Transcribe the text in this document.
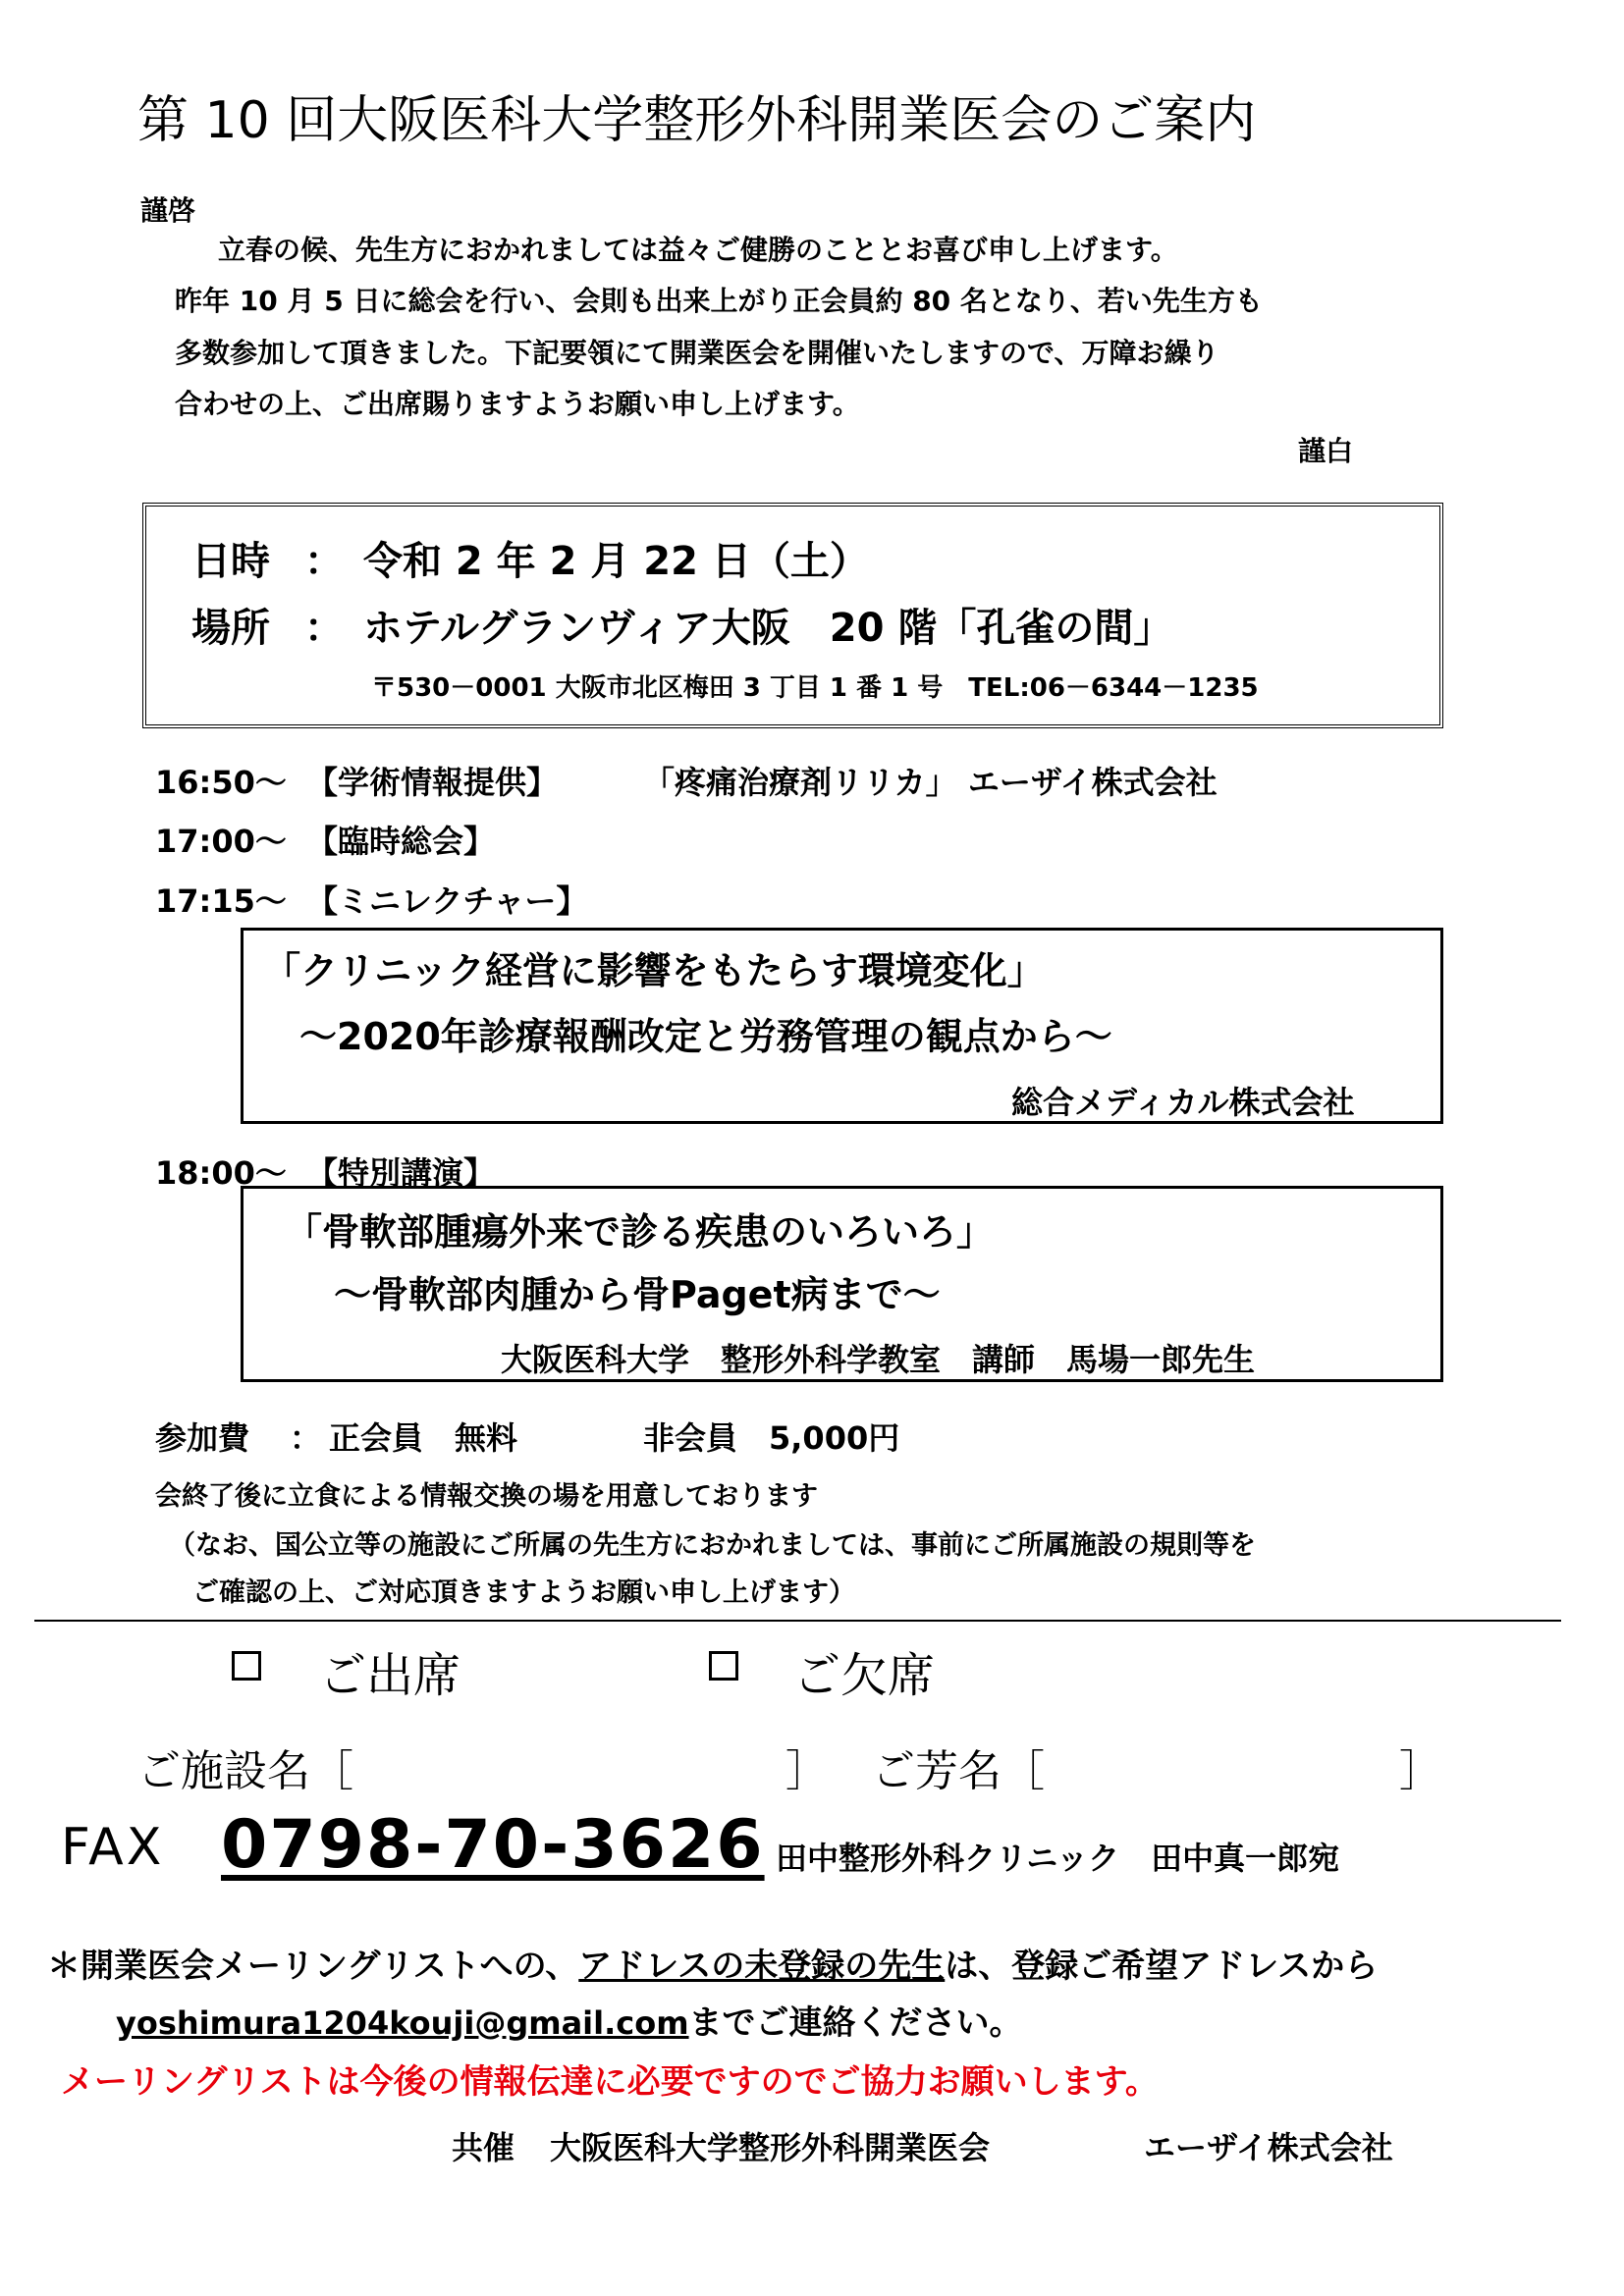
第 10 回大阪医科大学整形外科開業医会のご案内
謹啓
立春の候、先生方におかれましては益々ご健勝のこととお喜び申し上げます。
昨年 10 月 5 日に総会を行い、会則も出来上がり正会員約 80 名となり、若い先生方も
多数参加して頂きました。下記要領にて開業医会を開催いたしますので、万障お繰り
合わせの上、ご出席賜りますようお願い申し上げます。
謹白
日時 ： 令和 2 年 2 月 22 日（土）
場所 ： ホテルグランヴィア大阪　20 階「孔雀の間」
〒530－0001 大阪市北区梅田 3 丁目 1 番 1 号　TEL:06－6344－1235
16:50～ 【学術情報提供】	「疼痛治療剤リリカ」 エーザイ株式会社
17:00～ 【臨時総会】
17:15～ 【ミニレクチャー】
「クリニック経営に影響をもたらす環境変化」
～2020年診療報酬改定と労務管理の観点から～
総合メディカル株式会社
18:00～ 【特別講演】
「骨軟部腫瘍外来で診る疾患のいろいろ」
～骨軟部肉腫から骨Paget病まで～
大阪医科大学　整形外科学教室　講師　馬場一郎先生
参加費 ： 正会員　無料	非会員　5,000円
会終了後に立食による情報交換の場を用意しております
（なお、国公立等の施設にご所属の先生方におかれましては、事前にご所属施設の規則等を
ご確認の上、ご対応頂きますようお願い申し上げます）
ご出席	ご欠席
ご施設名［	］ ご芳名［	］
FAX 0798-70-3626 田中整形外科クリニック　田中真一郎宛
＊開業医会メーリングリストへの、アドレスの未登録の先生は、登録ご希望アドレスから
yoshimura1204kouji@gmail.comまでご連絡ください。
メーリングリストは今後の情報伝達に必要ですのでご協力お願いします。
共催 大阪医科大学整形外科開業医会	エーザイ株式会社
